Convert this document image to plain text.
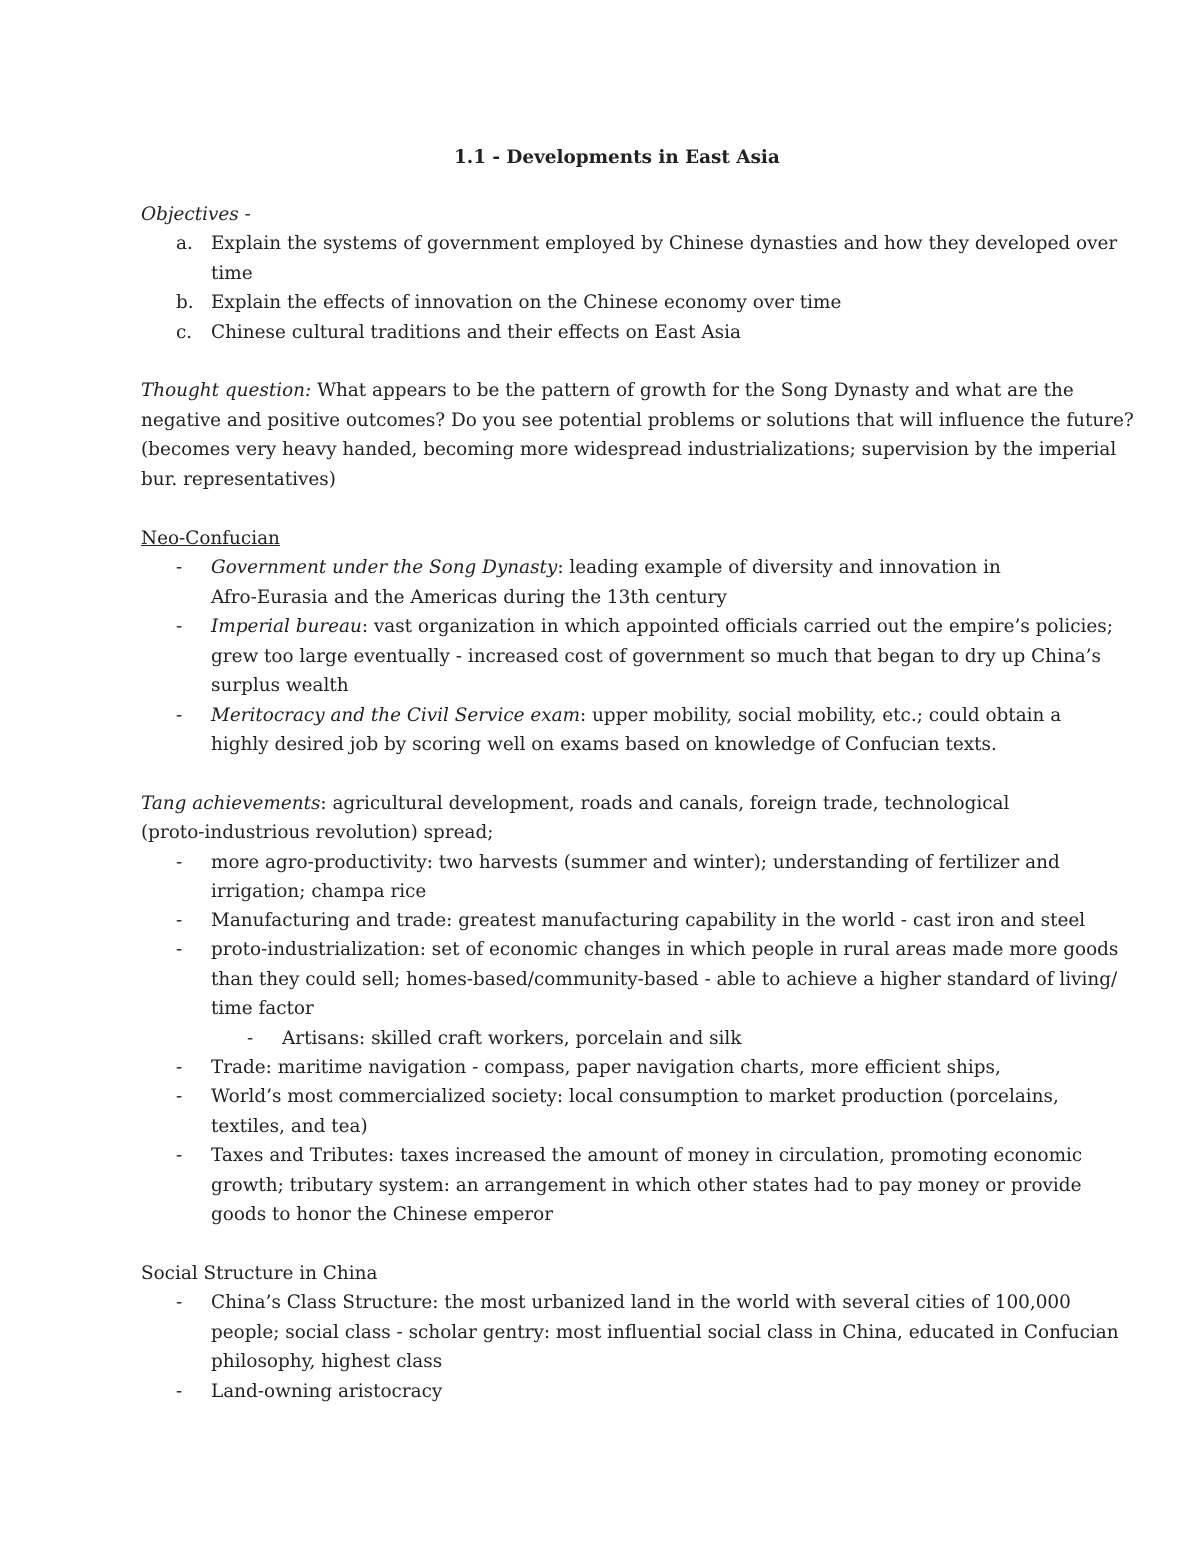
1.1 - Developments in East Asia
Objectives -
a. Explain the systems of government employed by Chinese dynasties and how they developed over
time
b. Explain the effects of innovation on the Chinese economy over time
c. Chinese cultural traditions and their effects on East Asia
Thought question: What appears to be the pattern of growth for the Song Dynasty and what are the
negative and positive outcomes? Do you see potential problems or solutions that will influence the future?
(becomes very heavy handed, becoming more widespread industrializations; supervision by the imperial
bur. representatives)
Neo-Confucian
- Government under the Song Dynasty: leading example of diversity and innovation in
Afro-Eurasia and the Americas during the 13th century
- Imperial bureau: vast organization in which appointed officials carried out the empire’s policies;
grew too large eventually - increased cost of government so much that began to dry up China’s
surplus wealth
- Meritocracy and the Civil Service exam: upper mobility, social mobility, etc.; could obtain a
highly desired job by scoring well on exams based on knowledge of Confucian texts.
Tang achievements: agricultural development, roads and canals, foreign trade, technological
(proto-industrious revolution) spread;
- more agro-productivity: two harvests (summer and winter); understanding of fertilizer and
irrigation; champa rice
- Manufacturing and trade: greatest manufacturing capability in the world - cast iron and steel
- proto-industrialization: set of economic changes in which people in rural areas made more goods
than they could sell; homes-based/community-based - able to achieve a higher standard of living/
time factor
- Artisans: skilled craft workers, porcelain and silk
- Trade: maritime navigation - compass, paper navigation charts, more efficient ships,
- World’s most commercialized society: local consumption to market production (porcelains,
textiles, and tea)
- Taxes and Tributes: taxes increased the amount of money in circulation, promoting economic
growth; tributary system: an arrangement in which other states had to pay money or provide
goods to honor the Chinese emperor
Social Structure in China
- China’s Class Structure: the most urbanized land in the world with several cities of 100,000
people; social class - scholar gentry: most influential social class in China, educated in Confucian
philosophy, highest class
- Land-owning aristocracy
